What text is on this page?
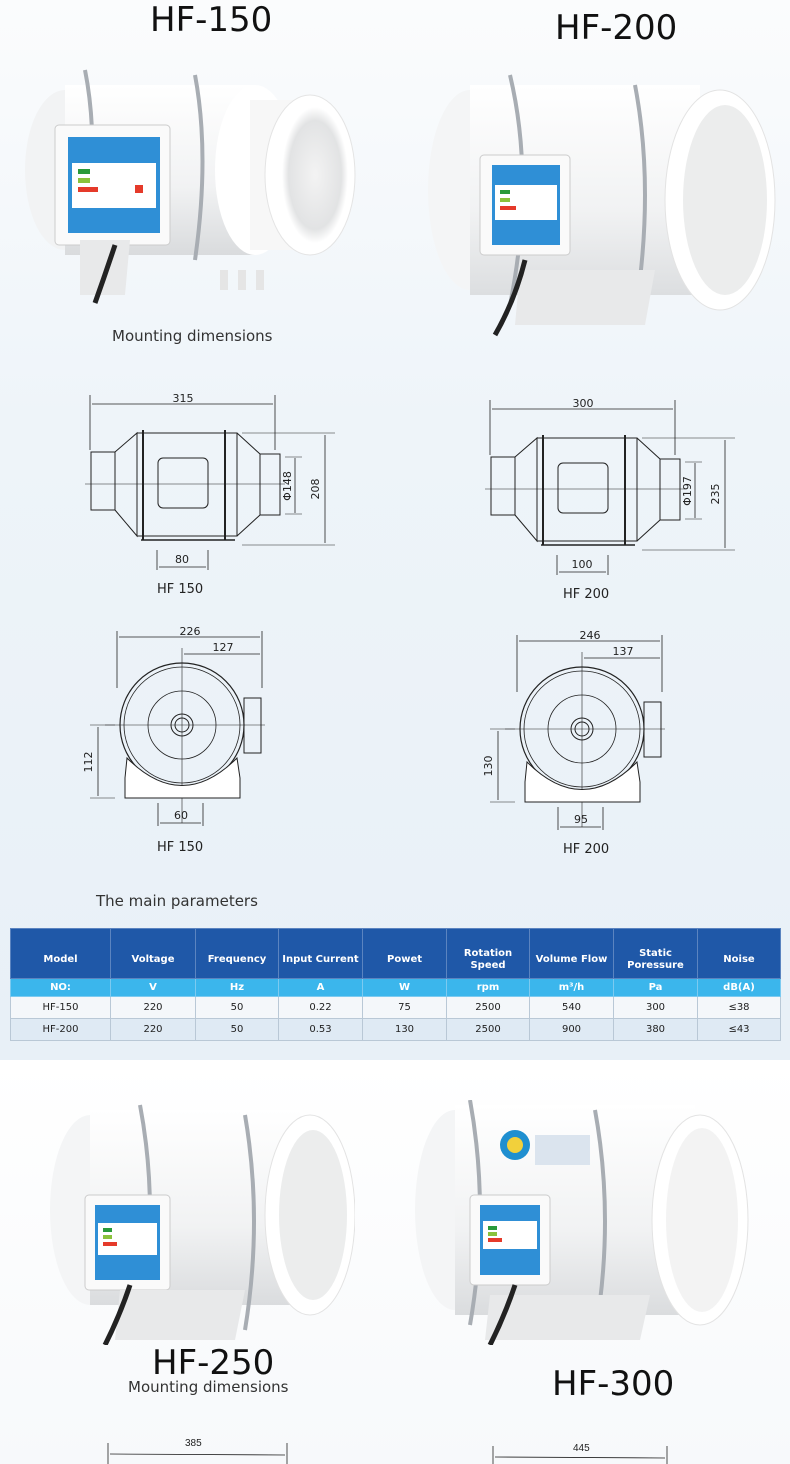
HF-150	HF-200
Mounting dimensions
315
Φ148 208
80
HF 150
300
Φ197 235
100
HF 200
226
127
112
60
HF 150
246
137
130
95
HF 200
The main parameters
Model	Voltage	Frequency	Input Current	Powet	Rotation Speed	Volume Flow	Static Poressure	Noise
NO:	V	Hz	A	W	rpm	m³/h	Pa	dB(A)
HF-150	220	50	0.22	75	2500	540	300	≤38
HF-200	220	50	0.53	130	2500	900	380	≤43
HF-250
Mounting dimensions	HF-300
385	445
